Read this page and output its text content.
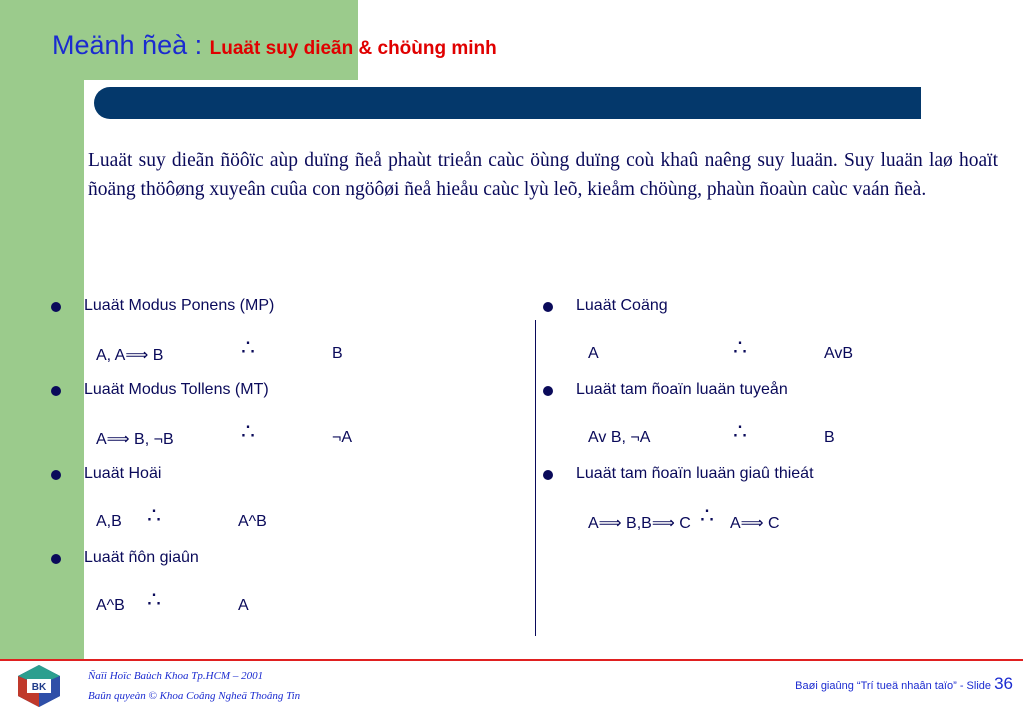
Meänh ñeà : Luaät suy dieãn & chöùng minh

Luaät suy dieãn ñöôïc aùp duïng ñeå phaùt trieån caùc öùng duïng coù khaû naêng suy luaän. Suy luaän laø hoaït ñoäng thöôøng xuyeân cuûa con ngöôøi ñeå hieåu caùc lyù leõ, kieåm chöùng, phaùn ñoaùn caùc vaán ñeà.

Luaät Modus Ponens (MP)
A, A⟹ B	∴	B
Luaät Modus Tollens (MT)
A⟹ B, ¬B	∴	¬A
Luaät Hoäi
A,B ∴	A^B
Luaät ñôn giaûn
A^B ∴	A
Luaät Coäng
A	∴	AvB
Luaät tam ñoaïn luaän tuyeån
Av B, ¬A	∴	B
Luaät tam ñoaïn luaän giaû thieát
A⟹ B,B⟹ C ∴ A⟹ C
BK
Ñaïi Hoïc Baùch Khoa Tp.HCM – 2001
Baûn quyeàn © Khoa Coâng Ngheä Thoâng Tin
Baøi giaûng “Trí tueä nhaân taïo” - Slide 36
